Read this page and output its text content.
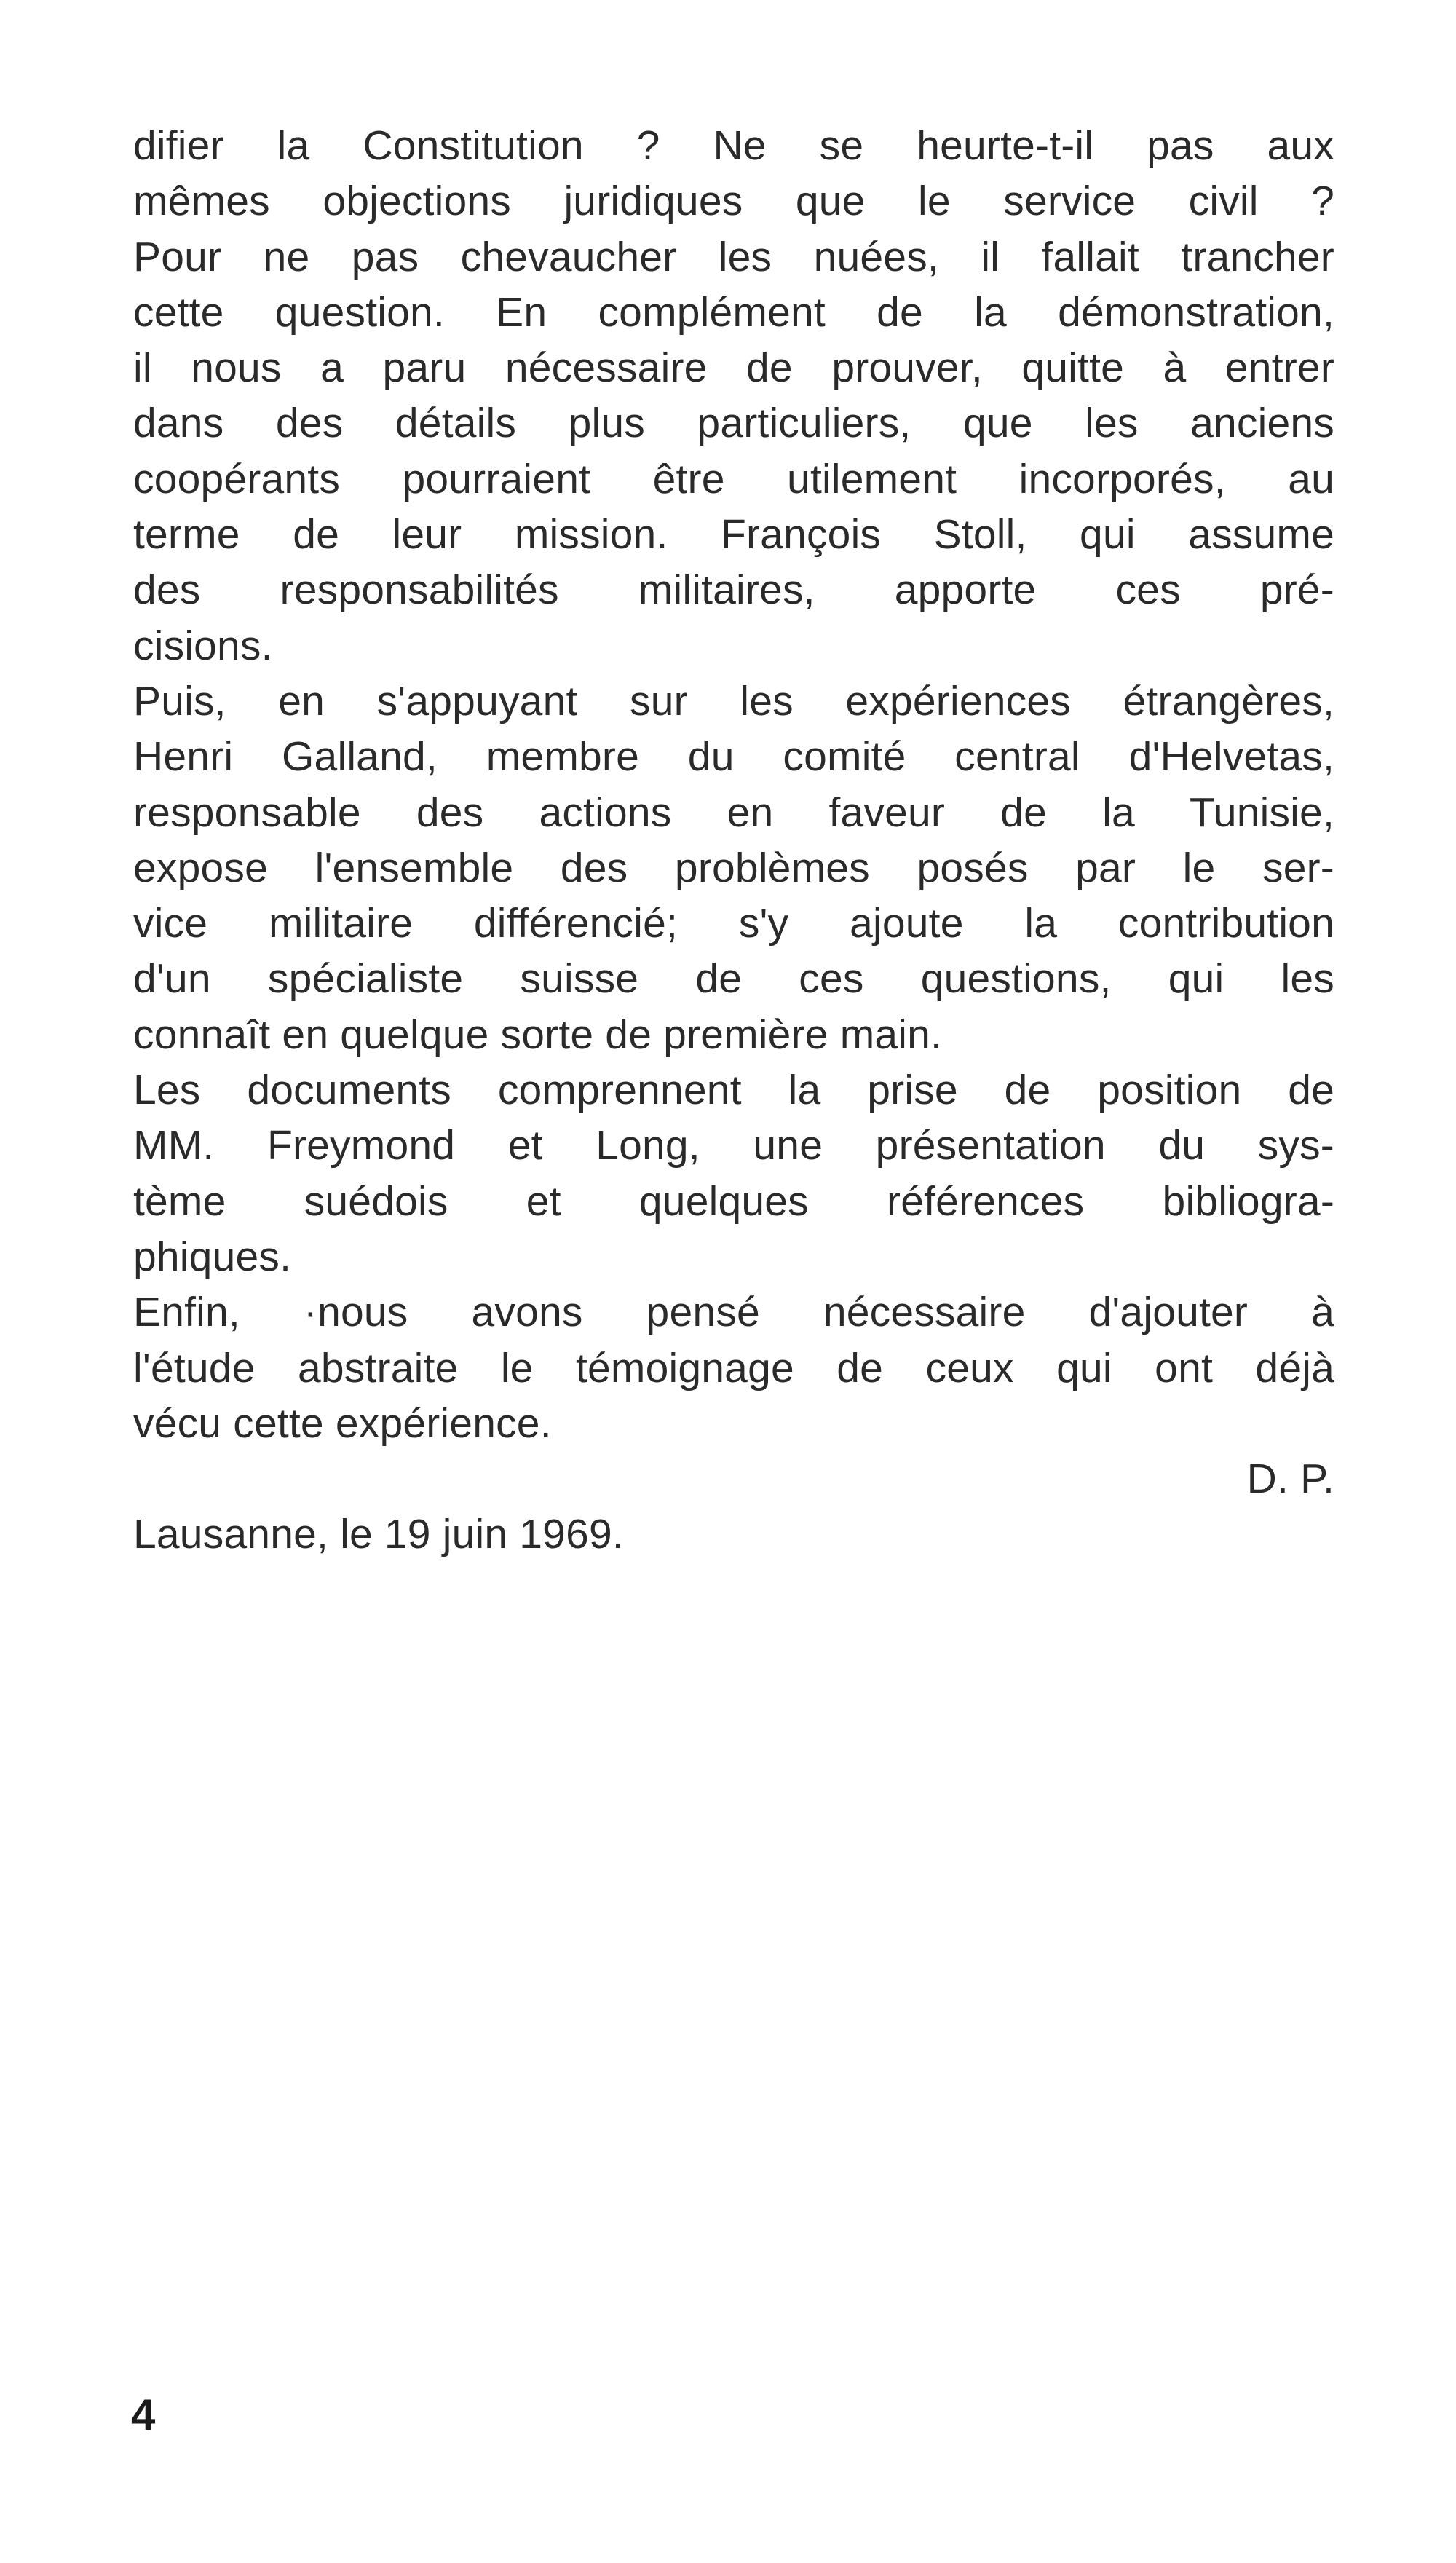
difier la Constitution ? Ne se heurte-t-il pas aux
mêmes objections juridiques que le service civil ?
Pour ne pas chevaucher les nuées, il fallait trancher
cette question. En complément de la démonstration,
il nous a paru nécessaire de prouver, quitte à entrer
dans des détails plus particuliers, que les anciens
coopérants pourraient être utilement incorporés, au
terme de leur mission. François Stoll, qui assume
des responsabilités militaires, apporte ces pré-
cisions.
Puis, en s'appuyant sur les expériences étrangères,
Henri Galland, membre du comité central d'Helvetas,
responsable des actions en faveur de la Tunisie,
expose l'ensemble des problèmes posés par le ser-
vice militaire différencié; s'y ajoute la contribution
d'un spécialiste suisse de ces questions, qui les
connaît en quelque sorte de première main.
Les documents comprennent la prise de position de
MM. Freymond et Long, une présentation du sys-
tème suédois et quelques références bibliogra-
phiques.
Enfin, ·nous avons pensé nécessaire d'ajouter à
l'étude abstraite le témoignage de ceux qui ont déjà
vécu cette expérience.
D. P.
Lausanne, le 19 juin 1969.
4
